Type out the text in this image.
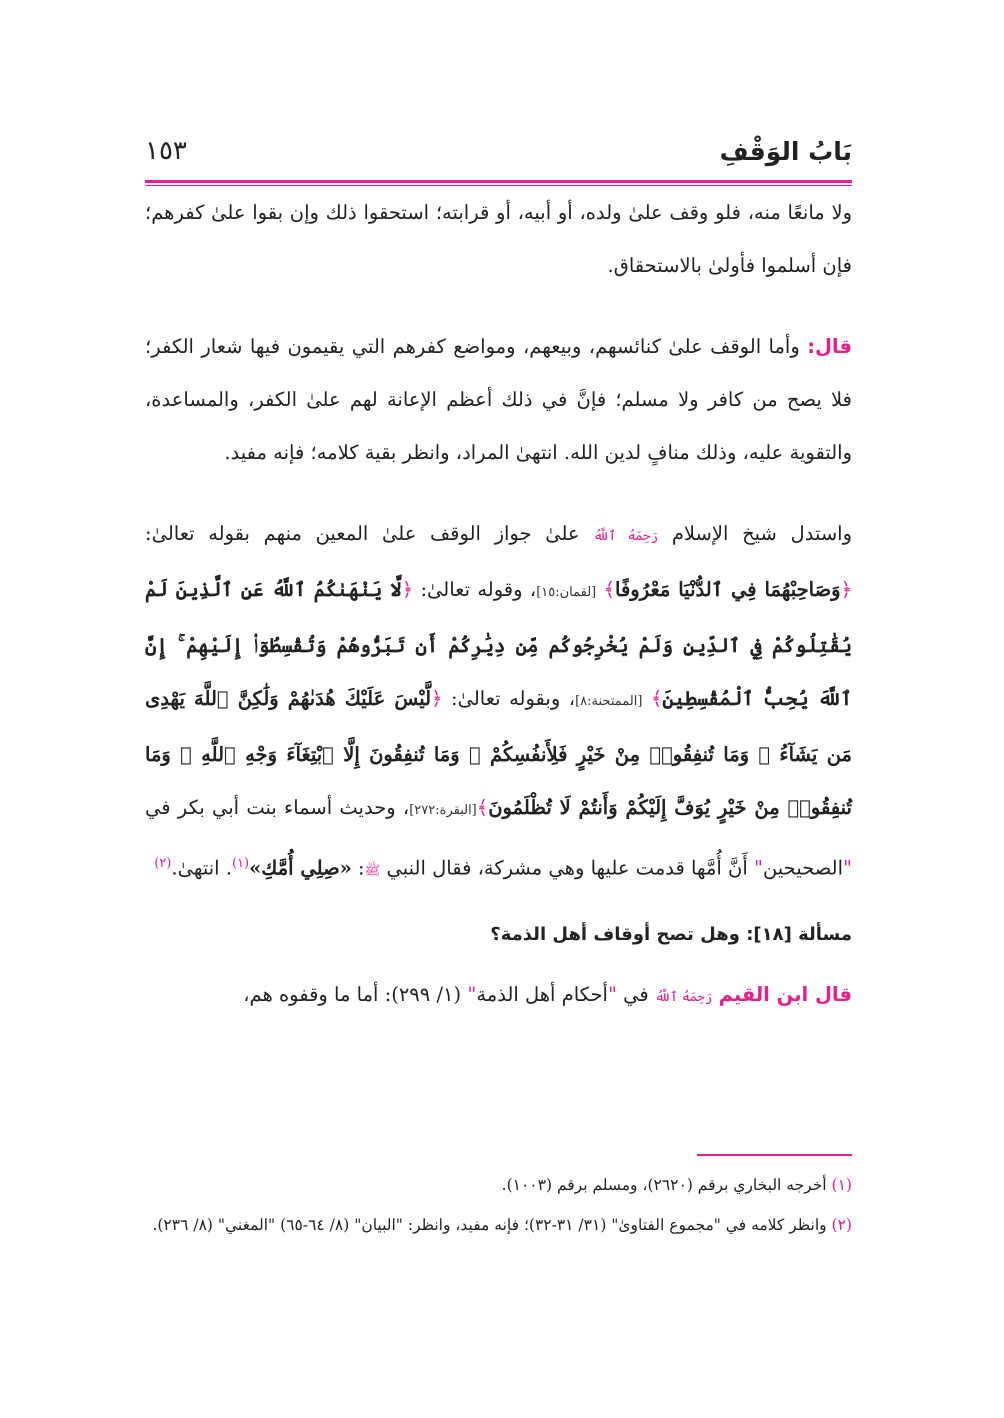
بَابُ الوَقْفِ
١٥٣

ولا مانعًا منه، فلو وقف علىٰ ولده، أو أبيه، أو قرابته؛ استحقوا ذلك وإن بقوا علىٰ كفرهم؛ فإن أسلموا فأولىٰ بالاستحقاق.

قال: وأما الوقف علىٰ كنائسهم، وبيعهم، ومواضع كفرهم التي يقيمون فيها شعار الكفر؛ فلا يصح من كافر ولا مسلم؛ فإنَّ في ذلك أعظم الإعانة لهم علىٰ الكفر، والمساعدة، والتقوية عليه، وذلك منافٍ لدين الله. انتهىٰ المراد، وانظر بقية كلامه؛ فإنه مفيد.

واستدل شيخ الإسلام رَحِمَهُ ٱللَّهُ علىٰ جواز الوقف علىٰ المعين منهم بقوله تعالىٰ: ﴿وَصَاحِبْهُمَا فِي ٱلدُّنْيَا مَعْرُوفًا﴾ [لقمان:١٥]، وقوله تعالىٰ: ﴿لَّا يَنْهَىٰكُمُ ٱللَّهُ عَنِ ٱلَّذِينَ لَمْ يُقَٰتِلُوكُمْ فِي ٱلدِّينِ وَلَمْ يُخْرِجُوكُم مِّن دِيَٰرِكُمْ أَن تَبَرُّوهُمْ وَتُقْسِطُوٓا۟ إِلَيْهِمْ ۚ إِنَّ ٱللَّهَ يُحِبُّ ٱلْمُقْسِطِينَ﴾ [الممتحنة:٨]، وبقوله تعالىٰ: ﴿لَّيْسَ عَلَيْكَ هُدَىٰهُمْ وَلَٰكِنَّ ٱللَّهَ يَهْدِى مَن يَشَآءُ ۗ وَمَا تُنفِقُوا۟ مِنْ خَيْرٍ فَلِأَنفُسِكُمْ ۚ وَمَا تُنفِقُونَ إِلَّا ٱبْتِغَآءَ وَجْهِ ٱللَّهِ ۚ وَمَا تُنفِقُوا۟ مِنْ خَيْرٍ يُوَفَّ إِلَيْكُمْ وَأَنتُمْ لَا تُظْلَمُونَ﴾[البقرة:٢٧٢]، وحديث أسماء بنت أبي بكر في "الصحيحين" أَنَّ أُمَّها قدمت عليها وهي مشركة، فقال النبي ﷺ: «صِلِي أُمَّكِ»$^{(١)}$. انتهىٰ.$^{(٢)}$

مسألة [١٨]: وهل تصح أوقاف أهل الذمة؟

قال ابن القيم رَحِمَهُ ٱللَّهُ في "أحكام أهل الذمة" (١/ ٢٩٩): أما ما وقفوه هم،

(١) أخرجه البخاري برقم (٢٦٢٠)، ومسلم برقم (١٠٠٣).

(٢) وانظر كلامه في "مجموع الفتاوىٰ" (٣١/ ٣١-٣٢)؛ فإنه مفيد، وانظر: "البيان" (٨/ ٦٤-٦٥) "المغني" (٨/ ٢٣٦).
